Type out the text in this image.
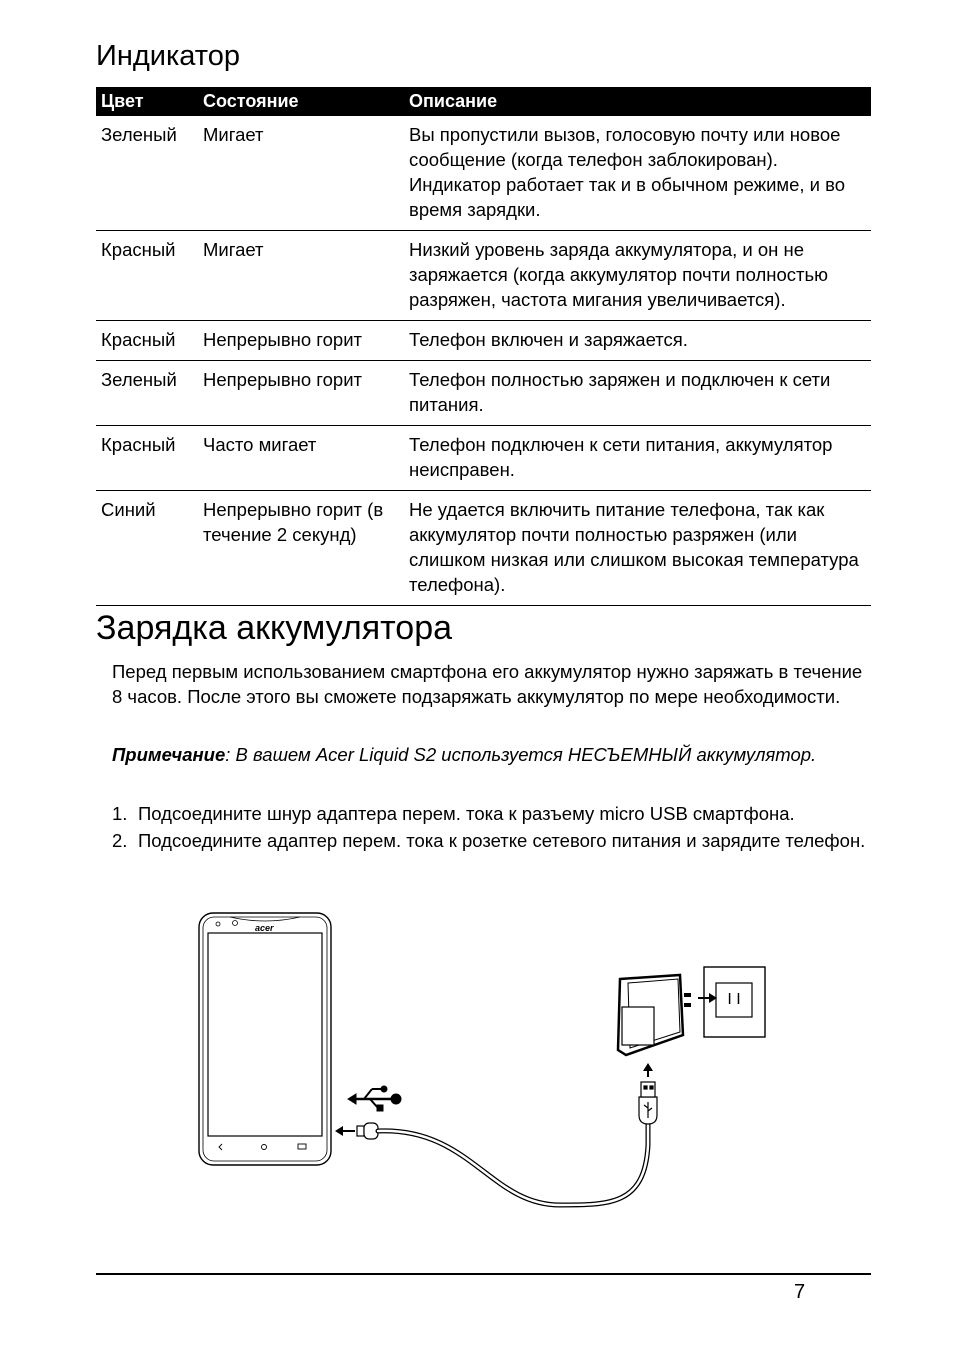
Индикатор
Цвет	Состояние	Описание
Зеленый	Мигает	Вы пропустили вызов, голосовую почту или новое сообщение (когда телефон заблокирован). Индикатор работает так и в обычном режиме, и во время зарядки.
Красный	Мигает	Низкий уровень заряда аккумулятора, и он не заряжается (когда аккумулятор почти полностью разряжен, частота мигания увеличивается).
Красный	Непрерывно горит	Телефон включен и заряжается.
Зеленый	Непрерывно горит	Телефон полностью заряжен и подключен к сети питания.
Красный	Часто мигает	Телефон подключен к сети питания, аккумулятор неисправен.
Синий	Непрерывно горит (в течение 2 секунд)	Не удается включить питание телефона, так как аккумулятор почти полностью разряжен (или слишком низкая или слишком высокая температура телефона).
Зарядка аккумулятора

Перед первым использованием смартфона его аккумулятор нужно заряжать в течение 8 часов. После этого вы сможете подзаряжать аккумулятор по мере необходимости.

Примечание: В вашем Acer Liquid S2 используется НЕСЪЕМНЫЙ аккумулятор.

1. Подсоедините шнур адаптера перем. тока к разъему micro USB смартфона.
2. Подсоедините адаптер перем. тока к розетке сетевого питания и зарядите телефон.
acer
I I
7
